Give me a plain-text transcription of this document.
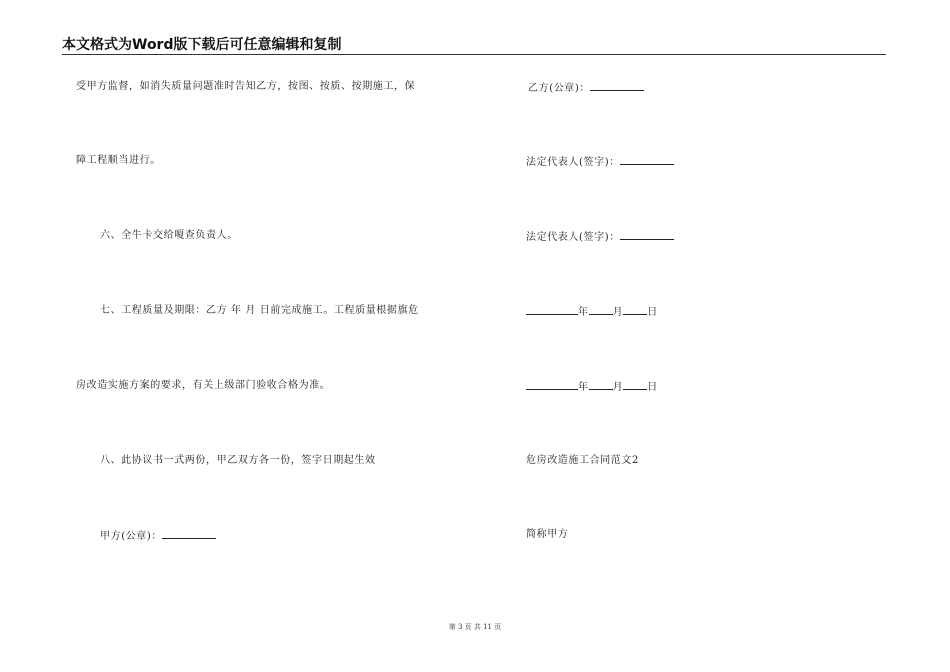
本文格式为Word版下载后可任意编辑和复制
受甲方监督，如消失质量问题准时告知乙方，按图、按质、按期施工，保
障工程顺当进行。
六、全牛卡交给嗄查负责人。
七、工程质量及期限：乙方 年 月 日前完成施工。工程质量根据旗危
房改造实施方案的要求，有关上级部门验收合格为准。
八、此协议书一式两份，甲乙双方各一份，签字日期起生效
甲方(公章)：
乙方(公章)：
法定代表人(签字)：
法定代表人(签字)：
年 月 日
年 月 日
危房改造施工合同范文2
简称甲方
第 3 页 共 11 页
